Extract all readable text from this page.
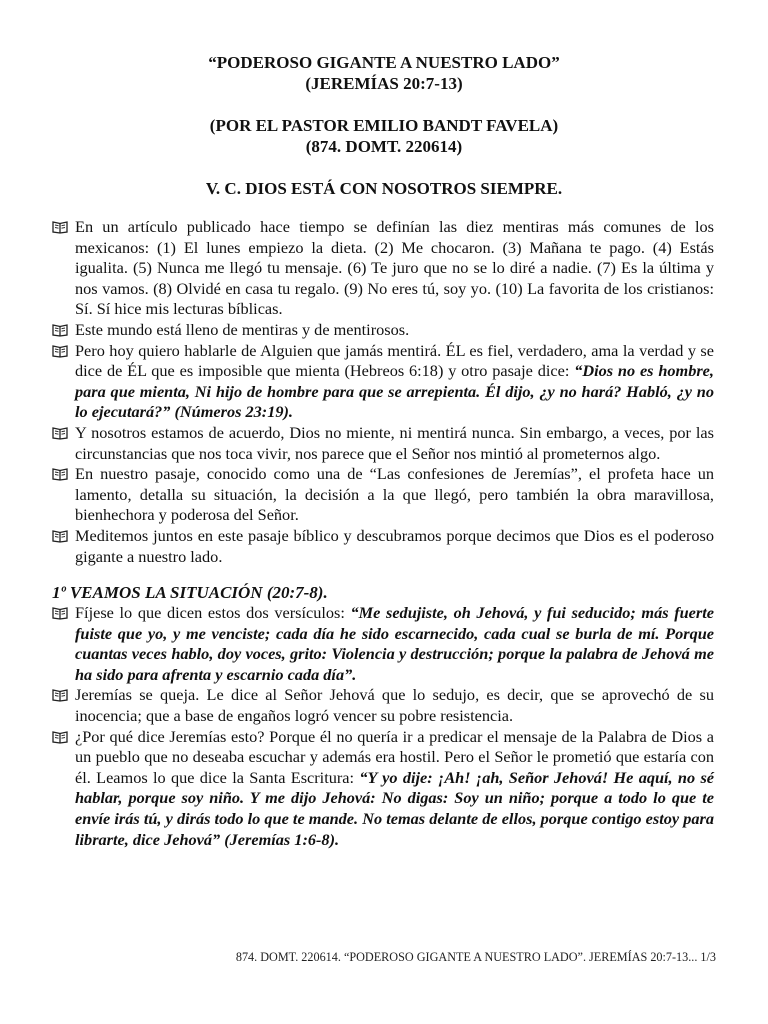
“PODEROSO GIGANTE A NUESTRO LADO”
(JEREMÍAS 20:7-13)
(POR EL PASTOR EMILIO BANDT FAVELA)
(874. DOMT. 220614)
V. C. DIOS ESTÁ CON NOSOTROS SIEMPRE.

En un artículo publicado hace tiempo se definían las diez mentiras más comunes de los mexicanos: (1) El lunes empiezo la dieta. (2) Me chocaron. (3) Mañana te pago. (4) Estás igualita. (5) Nunca me llegó tu mensaje. (6) Te juro que no se lo diré a nadie. (7) Es la última y nos vamos. (8) Olvidé en casa tu regalo. (9) No eres tú, soy yo. (10) La favorita de los cristianos: Sí. Sí hice mis lecturas bíblicas.

Este mundo está lleno de mentiras y de mentirosos.

Pero hoy quiero hablarle de Alguien que jamás mentirá. ÉL es fiel, verdadero, ama la verdad y se dice de ÉL que es imposible que mienta (Hebreos 6:18) y otro pasaje dice: “Dios no es hombre, para que mienta, Ni hijo de hombre para que se arrepienta. Él dijo, ¿y no hará? Habló, ¿y no lo ejecutará?” (Números 23:19).

Y nosotros estamos de acuerdo, Dios no miente, ni mentirá nunca. Sin embargo, a veces, por las circunstancias que nos toca vivir, nos parece que el Señor nos mintió al prometernos algo.

En nuestro pasaje, conocido como una de “Las confesiones de Jeremías”, el profeta hace un lamento, detalla su situación, la decisión a la que llegó, pero también la obra maravillosa, bienhechora y poderosa del Señor.

Meditemos juntos en este pasaje bíblico y descubramos porque decimos que Dios es el poderoso gigante a nuestro lado.

1º VEAMOS LA SITUACIÓN (20:7-8).

Fíjese lo que dicen estos dos versículos: “Me sedujiste, oh Jehová, y fui seducido; más fuerte fuiste que yo, y me venciste; cada día he sido escarnecido, cada cual se burla de mí. Porque cuantas veces hablo, doy voces, grito: Violencia y destrucción; porque la palabra de Jehová me ha sido para afrenta y escarnio cada día”.

Jeremías se queja. Le dice al Señor Jehová que lo sedujo, es decir, que se aprovechó de su inocencia; que a base de engaños logró vencer su pobre resistencia.

¿Por qué dice Jeremías esto? Porque él no quería ir a predicar el mensaje de la Palabra de Dios a un pueblo que no deseaba escuchar y además era hostil. Pero el Señor le prometió que estaría con él. Leamos lo que dice la Santa Escritura: “Y yo dije: ¡Ah! ¡ah, Señor Jehová! He aquí, no sé hablar, porque soy niño. Y me dijo Jehová: No digas: Soy un niño; porque a todo lo que te envíe irás tú, y dirás todo lo que te mande. No temas delante de ellos, porque contigo estoy para librarte, dice Jehová” (Jeremías 1:6-8).

874. DOMT. 220614. “PODEROSO GIGANTE A NUESTRO LADO”. JEREMÍAS 20:7-13... 1/3
